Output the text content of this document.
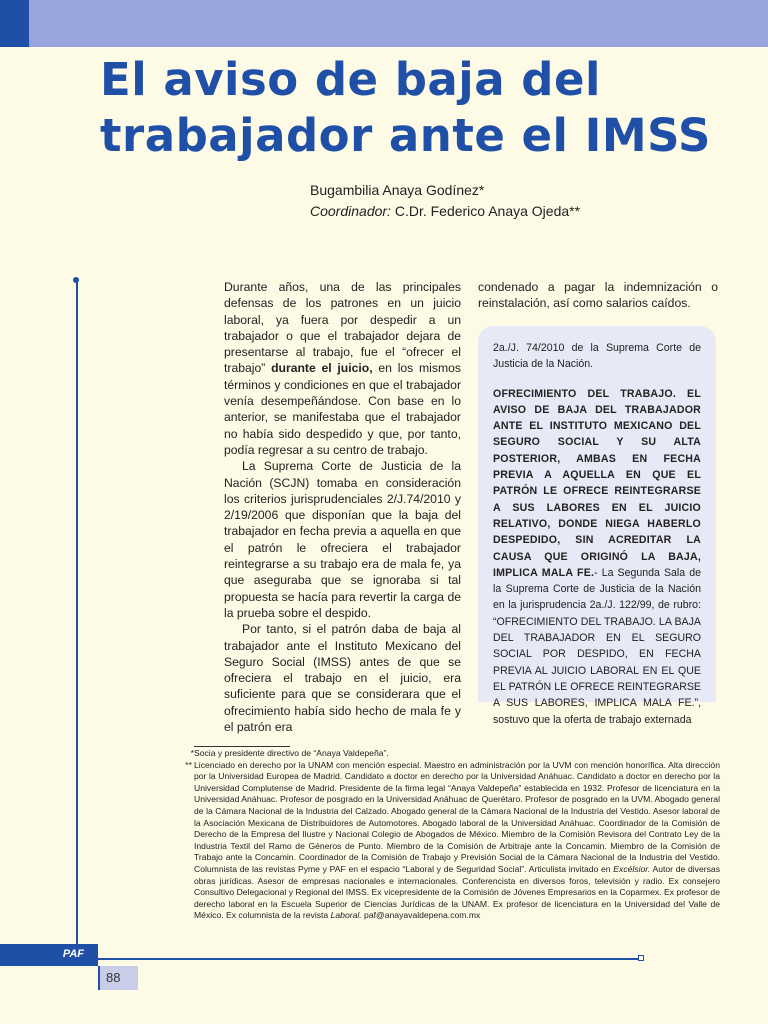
El aviso de baja del
trabajador ante el IMSS
Bugambilia Anaya Godínez*
Coordinador: C.Dr. Federico Anaya Ojeda**

Durante años, una de las principales defensas de los patrones en un juicio laboral, ya fuera por despedir a un trabajador o que el trabajador dejara de presentarse al trabajo, fue el “ofrecer el trabajo” durante el juicio, en los mismos términos y condiciones en que el trabajador venía desempeñándose. Con base en lo anterior, se manifestaba que el trabajador no había sido despedido y que, por tanto, podía regresar a su centro de trabajo.

La Suprema Corte de Justicia de la Nación (SCJN) tomaba en consideración los criterios jurisprudenciales 2/J.74/2010 y 2/19/2006 que disponían que la baja del trabajador en fecha previa a aquella en que el patrón le ofreciera el trabajador reintegrarse a su trabajo era de mala fe, ya que aseguraba que se ignoraba si tal propuesta se hacía para revertir la carga de la prueba sobre el despido.

Por tanto, si el patrón daba de baja al trabajador ante el Instituto Mexicano del Seguro Social (IMSS) antes de que se ofreciera el trabajo en el juicio, era suficiente para que se considerara que el ofrecimiento había sido hecho de mala fe y el patrón era

condenado a pagar la indemnización o reinstalación, así como salarios caídos.

2a./J. 74/2010 de la Suprema Corte de Justicia de la Nación.

OFRECIMIENTO DEL TRABAJO. EL AVISO DE BAJA DEL TRABAJADOR ANTE EL INSTITUTO MEXICANO DEL SEGURO SOCIAL Y SU ALTA POSTERIOR, AMBAS EN FECHA PREVIA A AQUELLA EN QUE EL PATRÓN LE OFRECE REINTEGRARSE A SUS LABORES EN EL JUICIO RELATIVO, DONDE NIEGA HABERLO DESPEDIDO, SIN ACREDITAR LA CAUSA QUE ORIGINÓ LA BAJA, IMPLICA MALA FE.- La Segunda Sala de la Suprema Corte de Justicia de la Nación en la jurisprudencia 2a./J. 122/99, de rubro: “OFRECIMIENTO DEL TRABAJO. LA BAJA DEL TRABAJADOR EN EL SEGURO SOCIAL POR DESPIDO, EN FECHA PREVIA AL JUICIO LABORAL EN EL QUE EL PATRÓN LE OFRECE REINTEGRARSE A SUS LABORES, IMPLICA MALA FE.”, sostuvo que la oferta de trabajo externada

* Socia y presidente directivo de “Anaya Valdepeña”.

** Licenciado en derecho por la UNAM con mención especial. Maestro en administración por la UVM con mención honorífica. Alta dirección por la Universidad Europea de Madrid. Candidato a doctor en derecho por la Universidad Anáhuac. Candidato a doctor en derecho por la Universidad Complutense de Madrid. Presidente de la firma legal “Anaya Valdepeña” establecida en 1932. Profesor de licenciatura en la Universidad Anáhuac. Profesor de posgrado en la Universidad Anáhuac de Querétaro. Profesor de posgrado en la UVM. Abogado general de la Cámara Nacional de la Industria del Calzado. Abogado general de la Cámara Nacional de la Industria del Vestido. Asesor laboral de la Asociación Mexicana de Distribuidores de Automotores. Abogado laboral de la Universidad Anáhuac. Coordinador de la Comisión de Derecho de la Empresa del Ilustre y Nacional Colegio de Abogados de México. Miembro de la Comisión Revisora del Contrato Ley de la Industria Textil del Ramo de Géneros de Punto. Miembro de la Comisión de Arbitraje ante la Concamin. Miembro de la Comisión de Trabajo ante la Concamin. Coordinador de la Comisión de Trabajo y Previsión Social de la Cámara Nacional de la Industria del Vestido. Columnista de las revistas Pyme y PAF en el espacio “Laboral y de Seguridad Social”. Articulista invitado en Excélsior. Autor de diversas obras jurídicas. Asesor de empresas nacionales e internacionales. Conferencista en diversos foros, televisión y radio. Ex consejero Consultivo Delegacional y Regional del IMSS. Ex vicepresidente de la Comisión de Jóvenes Empresarios en la Coparmex. Ex profesor de derecho laboral en la Escuela Superior de Ciencias Jurídicas de la UNAM. Ex profesor de licenciatura en la Universidad del Valle de México. Ex columnista de la revista Laboral. paf@anayavaldepena.com.mx

PAF
88
